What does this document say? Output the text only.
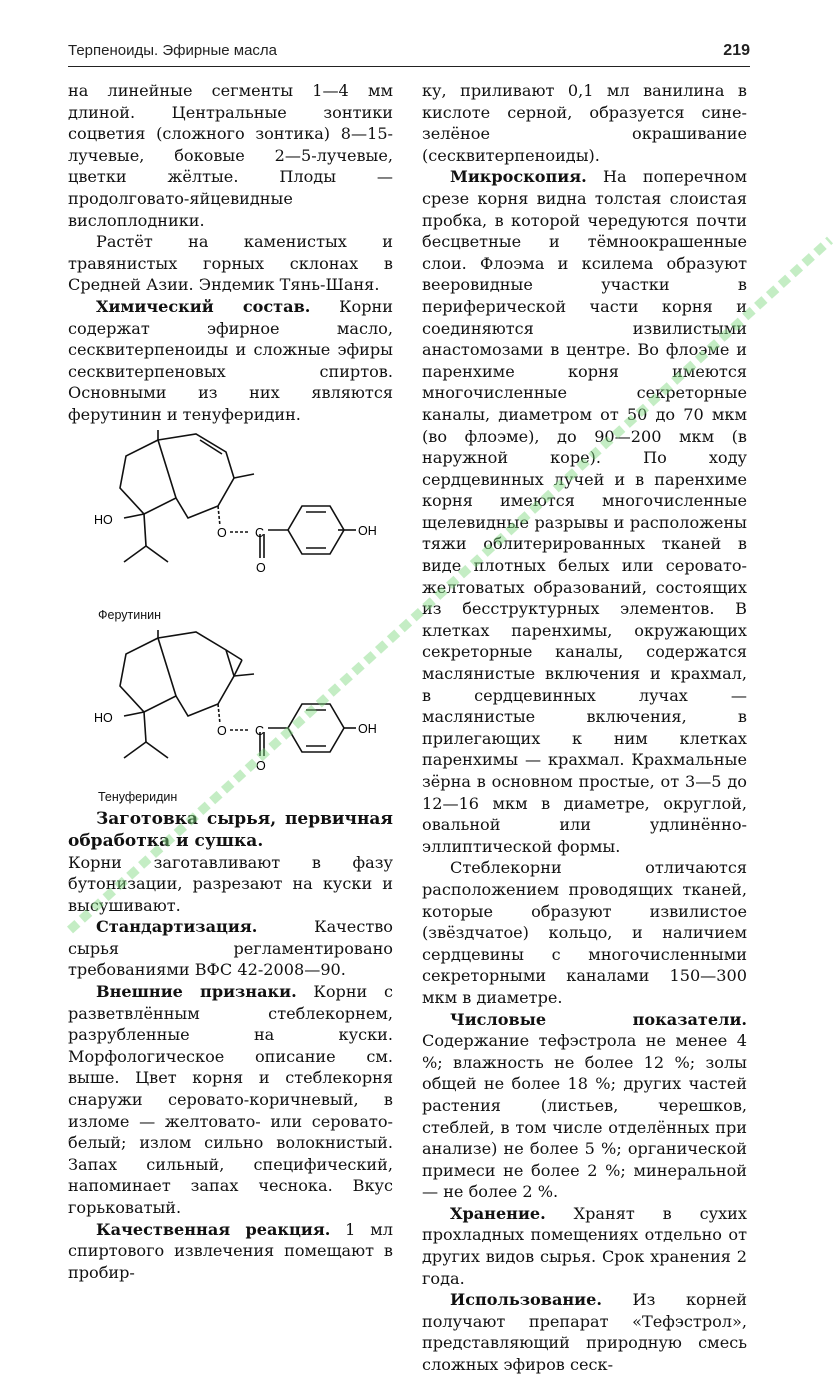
Терпеноиды. Эфирные масла	219

на линейные сегменты 1—4 мм длиной. Центральные зонтики соцветия (сложного зонтика) 8—15-лучевые, боковые 2—5-лучевые, цветки жёлтые. Плоды — продолговато-яйцевидные вислоплодники.

Растёт на каменистых и травянистых горных склонах в Средней Азии. Эндемик Тянь-Шаня.

Химический состав. Корни содержат эфирное масло, сесквитерпеноиды и сложные эфиры сесквитерпеновых спиртов. Основными из них являются ферутинин и тенуферидин.

HO
O C
O
OH

Ферутинин

HO
O C
O
OH

Тенуферидин

Заготовка сырья, первичная обработка и сушка.

Корни заготавливают в фазу бутонизации, разрезают на куски и высушивают.

Стандартизация. Качество сырья регламентировано требованиями ВФС 42-2008—90.

Внешние признаки. Корни с разветвлённым стеблекорнем, разрубленные на куски. Морфологическое описание см. выше. Цвет корня и стеблекорня снаружи серовато-коричневый, в изломе — желтовато- или серовато-белый; излом сильно волокнистый. Запах сильный, специфический, напоминает запах чеснока. Вкус горьковатый.

Качественная реакция. 1 мл спиртового извлечения помещают в пробир-

ку, приливают 0,1 мл ванилина в кислоте серной, образуется сине-зелёное окрашивание (сесквитерпеноиды).

Микроскопия. На поперечном срезе корня видна толстая слоистая пробка, в которой чередуются почти бесцветные и тёмноокрашенные слои. Флоэма и ксилема образуют вееровидные участки в периферической части корня и соединяются извилистыми анастомозами в центре. Во флоэме и паренхиме корня имеются многочисленные секреторные каналы, диаметром от 50 до 70 мкм (во флоэме), до 90—200 мкм (в наружной коре). По ходу сердцевинных лучей и в паренхиме корня имеются многочисленные щелевидные разрывы и расположены тяжи облитерированных тканей в виде плотных белых или серовато-желтоватых образований, состоящих из бесструктурных элементов. В клетках паренхимы, окружающих секреторные каналы, содержатся маслянистые включения и крахмал, в сердцевинных лучах — маслянистые включения, в прилегающих к ним клетках паренхимы — крахмал. Крахмальные зёрна в основном простые, от 3—5 до 12—16 мкм в диаметре, округлой, овальной или удлинённо-эллиптической формы.

Стеблекорни отличаются расположением проводящих тканей, которые образуют извилистое (звёздчатое) кольцо, и наличием сердцевины с многочисленными секреторными каналами 150—300 мкм в диаметре.

Числовые показатели. Содержание тефэстрола не менее 4 %; влажность не более 12 %; золы общей не более 18 %; других частей растения (листьев, черешков, стеблей, в том числе отделённых при анализе) не более 5 %; органической примеси не более 2 %; минеральной — не более 2 %.

Хранение. Хранят в сухих прохладных помещениях отдельно от других видов сырья. Срок хранения 2 года.

Использование. Из корней получают препарат «Тефэстрол», представляющий природную смесь сложных эфиров сеск-
